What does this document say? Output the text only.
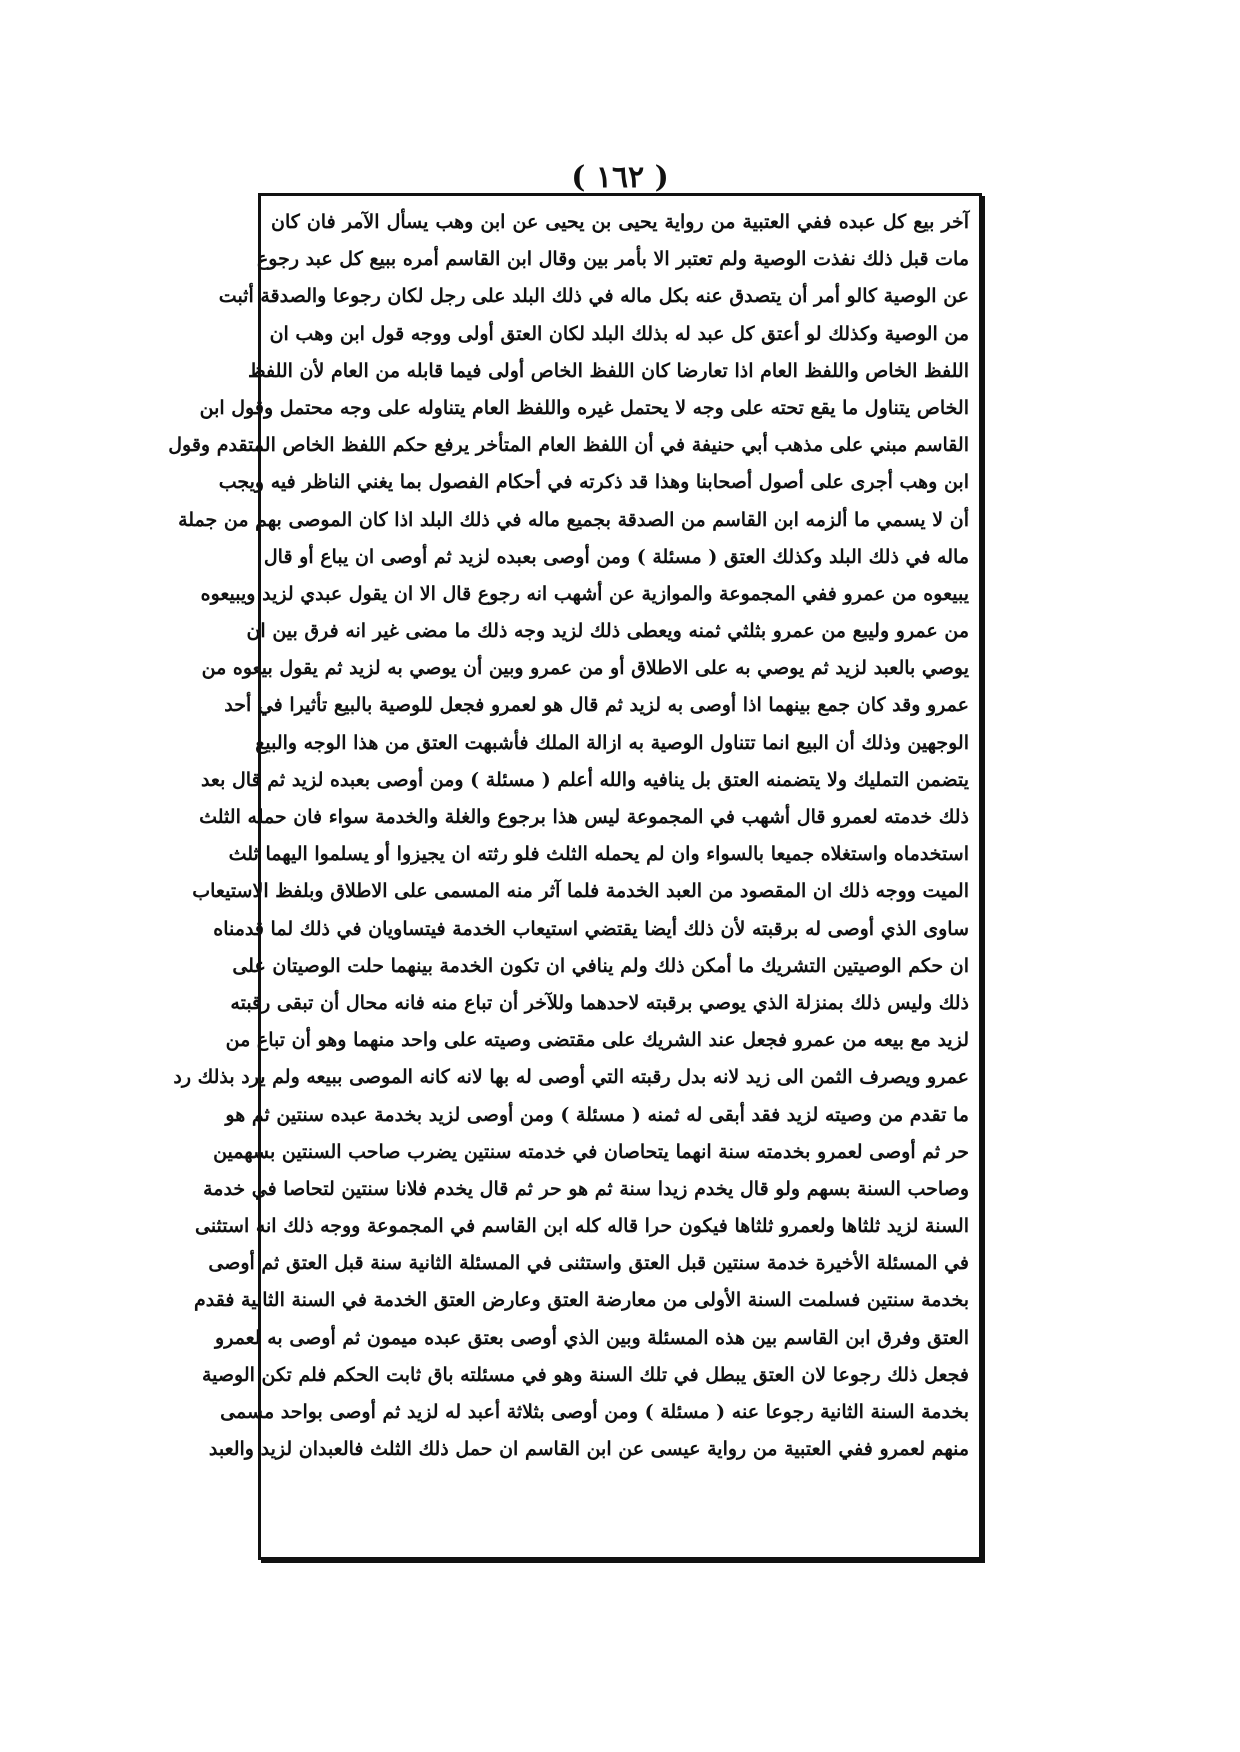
( ١٦٢ )
آخر بيع كل عبده ففي العتبية من رواية يحيى بن يحيى عن ابن وهب يسأل الآمر فان كان
مات قبل ذلك نفذت الوصية ولم تعتبر الا بأمر بين وقال ابن القاسم أمره ببيع كل عبد رجوع
عن الوصية كالو أمر أن يتصدق عنه بكل ماله في ذلك البلد على رجل لكان رجوعا والصدقة أثبت
من الوصية وكذلك لو أعتق كل عبد له بذلك البلد لكان العتق أولى ووجه قول ابن وهب ان
اللفظ الخاص واللفظ العام اذا تعارضا كان اللفظ الخاص أولى فيما قابله من العام لأن اللفظ
الخاص يتناول ما يقع تحته على وجه لا يحتمل غيره واللفظ العام يتناوله على وجه محتمل وقول ابن
القاسم مبني على مذهب أبي حنيفة في أن اللفظ العام المتأخر يرفع حكم اللفظ الخاص المتقدم وقول
ابن وهب أجرى على أصول أصحابنا وهذا قد ذكرته في أحكام الفصول بما يغني الناظر فيه ويجب
أن لا يسمي ما ألزمه ابن القاسم من الصدقة بجميع ماله في ذلك البلد اذا كان الموصى بهم من جملة
ماله في ذلك البلد وكذلك العتق ( مسئلة ) ومن أوصى بعبده لزيد ثم أوصى ان يباع أو قال
يبيعوه من عمرو ففي المجموعة والموازية عن أشهب انه رجوع قال الا ان يقول عبدي لزيد ويبيعوه
من عمرو وليبع من عمرو بثلثي ثمنه ويعطى ذلك لزيد وجه ذلك ما مضى غير انه فرق بين ان
يوصي بالعبد لزيد ثم يوصي به على الاطلاق أو من عمرو وبين أن يوصي به لزيد ثم يقول بيعوه من
عمرو وقد كان جمع بينهما اذا أوصى به لزيد ثم قال هو لعمرو فجعل للوصية بالبيع تأثيرا في أحد
الوجهين وذلك أن البيع انما تتناول الوصية به ازالة الملك فأشبهت العتق من هذا الوجه والبيع
يتضمن التمليك ولا يتضمنه العتق بل ينافيه والله أعلم ( مسئلة ) ومن أوصى بعبده لزيد ثم قال بعد
ذلك خدمته لعمرو قال أشهب في المجموعة ليس هذا برجوع والغلة والخدمة سواء فان حمله الثلث
استخدماه واستغلاه جميعا بالسواء وان لم يحمله الثلث فلو رثته ان يجيزوا أو يسلموا اليهما ثلث
الميت ووجه ذلك ان المقصود من العبد الخدمة فلما آثر منه المسمى على الاطلاق وبلفظ الاستيعاب
ساوى الذي أوصى له برقبته لأن ذلك أيضا يقتضي استيعاب الخدمة فيتساويان في ذلك لما قدمناه
ان حكم الوصيتين التشريك ما أمكن ذلك ولم ينافي ان تكون الخدمة بينهما حلت الوصيتان على
ذلك وليس ذلك بمنزلة الذي يوصي برقبته لاحدهما وللآخر أن تباع منه فانه محال أن تبقى رقبته
لزيد مع بيعه من عمرو فجعل عند الشريك على مقتضى وصيته على واحد منهما وهو أن تباع من
عمرو ويصرف الثمن الى زيد لانه بدل رقبته التي أوصى له بها لانه كانه الموصى ببيعه ولم يرد بذلك رد
ما تقدم من وصيته لزيد فقد أبقى له ثمنه ( مسئلة ) ومن أوصى لزيد بخدمة عبده سنتين ثم هو
حر ثم أوصى لعمرو بخدمته سنة انهما يتحاصان في خدمته سنتين يضرب صاحب السنتين بسهمين
وصاحب السنة بسهم ولو قال يخدم زيدا سنة ثم هو حر ثم قال يخدم فلانا سنتين لتحاصا في خدمة
السنة لزيد ثلثاها ولعمرو ثلثاها فيكون حرا قاله كله ابن القاسم في المجموعة ووجه ذلك انه استثنى
في المسئلة الأخيرة خدمة سنتين قبل العتق واستثنى في المسئلة الثانية سنة قبل العتق ثم أوصى
بخدمة سنتين فسلمت السنة الأولى من معارضة العتق وعارض العتق الخدمة في السنة الثانية فقدم
العتق وفرق ابن القاسم بين هذه المسئلة وبين الذي أوصى بعتق عبده ميمون ثم أوصى به لعمرو
فجعل ذلك رجوعا لان العتق يبطل في تلك السنة وهو في مسئلته باق ثابت الحكم فلم تكن الوصية
بخدمة السنة الثانية رجوعا عنه ( مسئلة ) ومن أوصى بثلاثة أعبد له لزيد ثم أوصى بواحد مسمى
منهم لعمرو ففي العتبية من رواية عيسى عن ابن القاسم ان حمل ذلك الثلث فالعبدان لزيد والعبد
